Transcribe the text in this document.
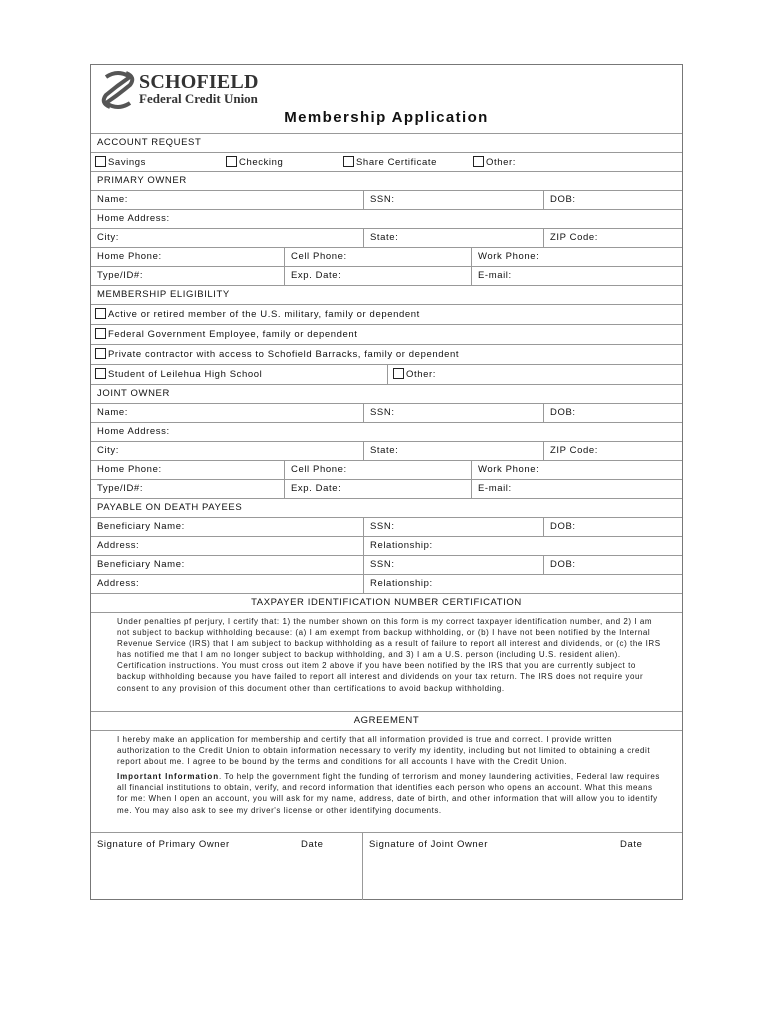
SCHOFIELD
Federal Credit Union
Membership Application
ACCOUNT REQUEST
Savings	Checking	Share Certificate	Other:
PRIMARY OWNER
Name:	SSN:	DOB:
Home Address:
City:	State:	ZIP Code:
Home Phone:	Cell Phone:	Work Phone:
Type/ID#:	Exp. Date:	E-mail:
MEMBERSHIP ELIGIBILITY
Active or retired member of the U.S. military, family or dependent
Federal Government Employee, family or dependent
Private contractor with access to Schofield Barracks, family or dependent
Student of Leilehua High School	Other:
JOINT OWNER
Name:	SSN:	DOB:
Home Address:
City:	State:	ZIP Code:
Home Phone:	Cell Phone:	Work Phone:
Type/ID#:	Exp. Date:	E-mail:
PAYABLE ON DEATH PAYEES
Beneficiary Name:	SSN:	DOB:
Address:	Relationship:
Beneficiary Name:	SSN:	DOB:
Address:	Relationship:
TAXPAYER IDENTIFICATION NUMBER CERTIFICATION

Under penalties pf perjury, I certify that: 1) the number shown on this form is my correct taxpayer identification number, and 2) I am not subject to backup withholding because: (a) I am exempt from backup withholding, or (b) I have not been notified by the Internal Revenue Service (IRS) that I am subject to backup withholding as a result of failure to report all interest and dividends, or (c) the IRS has notified me that I am no longer subject to backup withholding, and 3) I am a U.S. person (including U.S. resident alien). Certification instructions. You must cross out item 2 above if you have been notified by the IRS that you are currently subject to backup withholding because you have failed to report all interest and dividends on your tax return. The IRS does not require your consent to any provision of this document other than certifications to avoid backup withholding.

AGREEMENT

I hereby make an application for membership and certify that all information provided is true and correct. I provide written authorization to the Credit Union to obtain information necessary to verify my identity, including but not limited to obtaining a credit report about me. I agree to be bound by the terms and conditions for all accounts I have with the Credit Union.

Important Information. To help the government fight the funding of terrorism and money laundering activities, Federal law requires all financial institutions to obtain, verify, and record information that identifies each person who opens an account. What this means for me: When I open an account, you will ask for my name, address, date of birth, and other information that will allow you to identify me. You may also ask to see my driver's license or other identifying documents.

Signature of Primary Owner	Date	Signature of Joint Owner	Date
